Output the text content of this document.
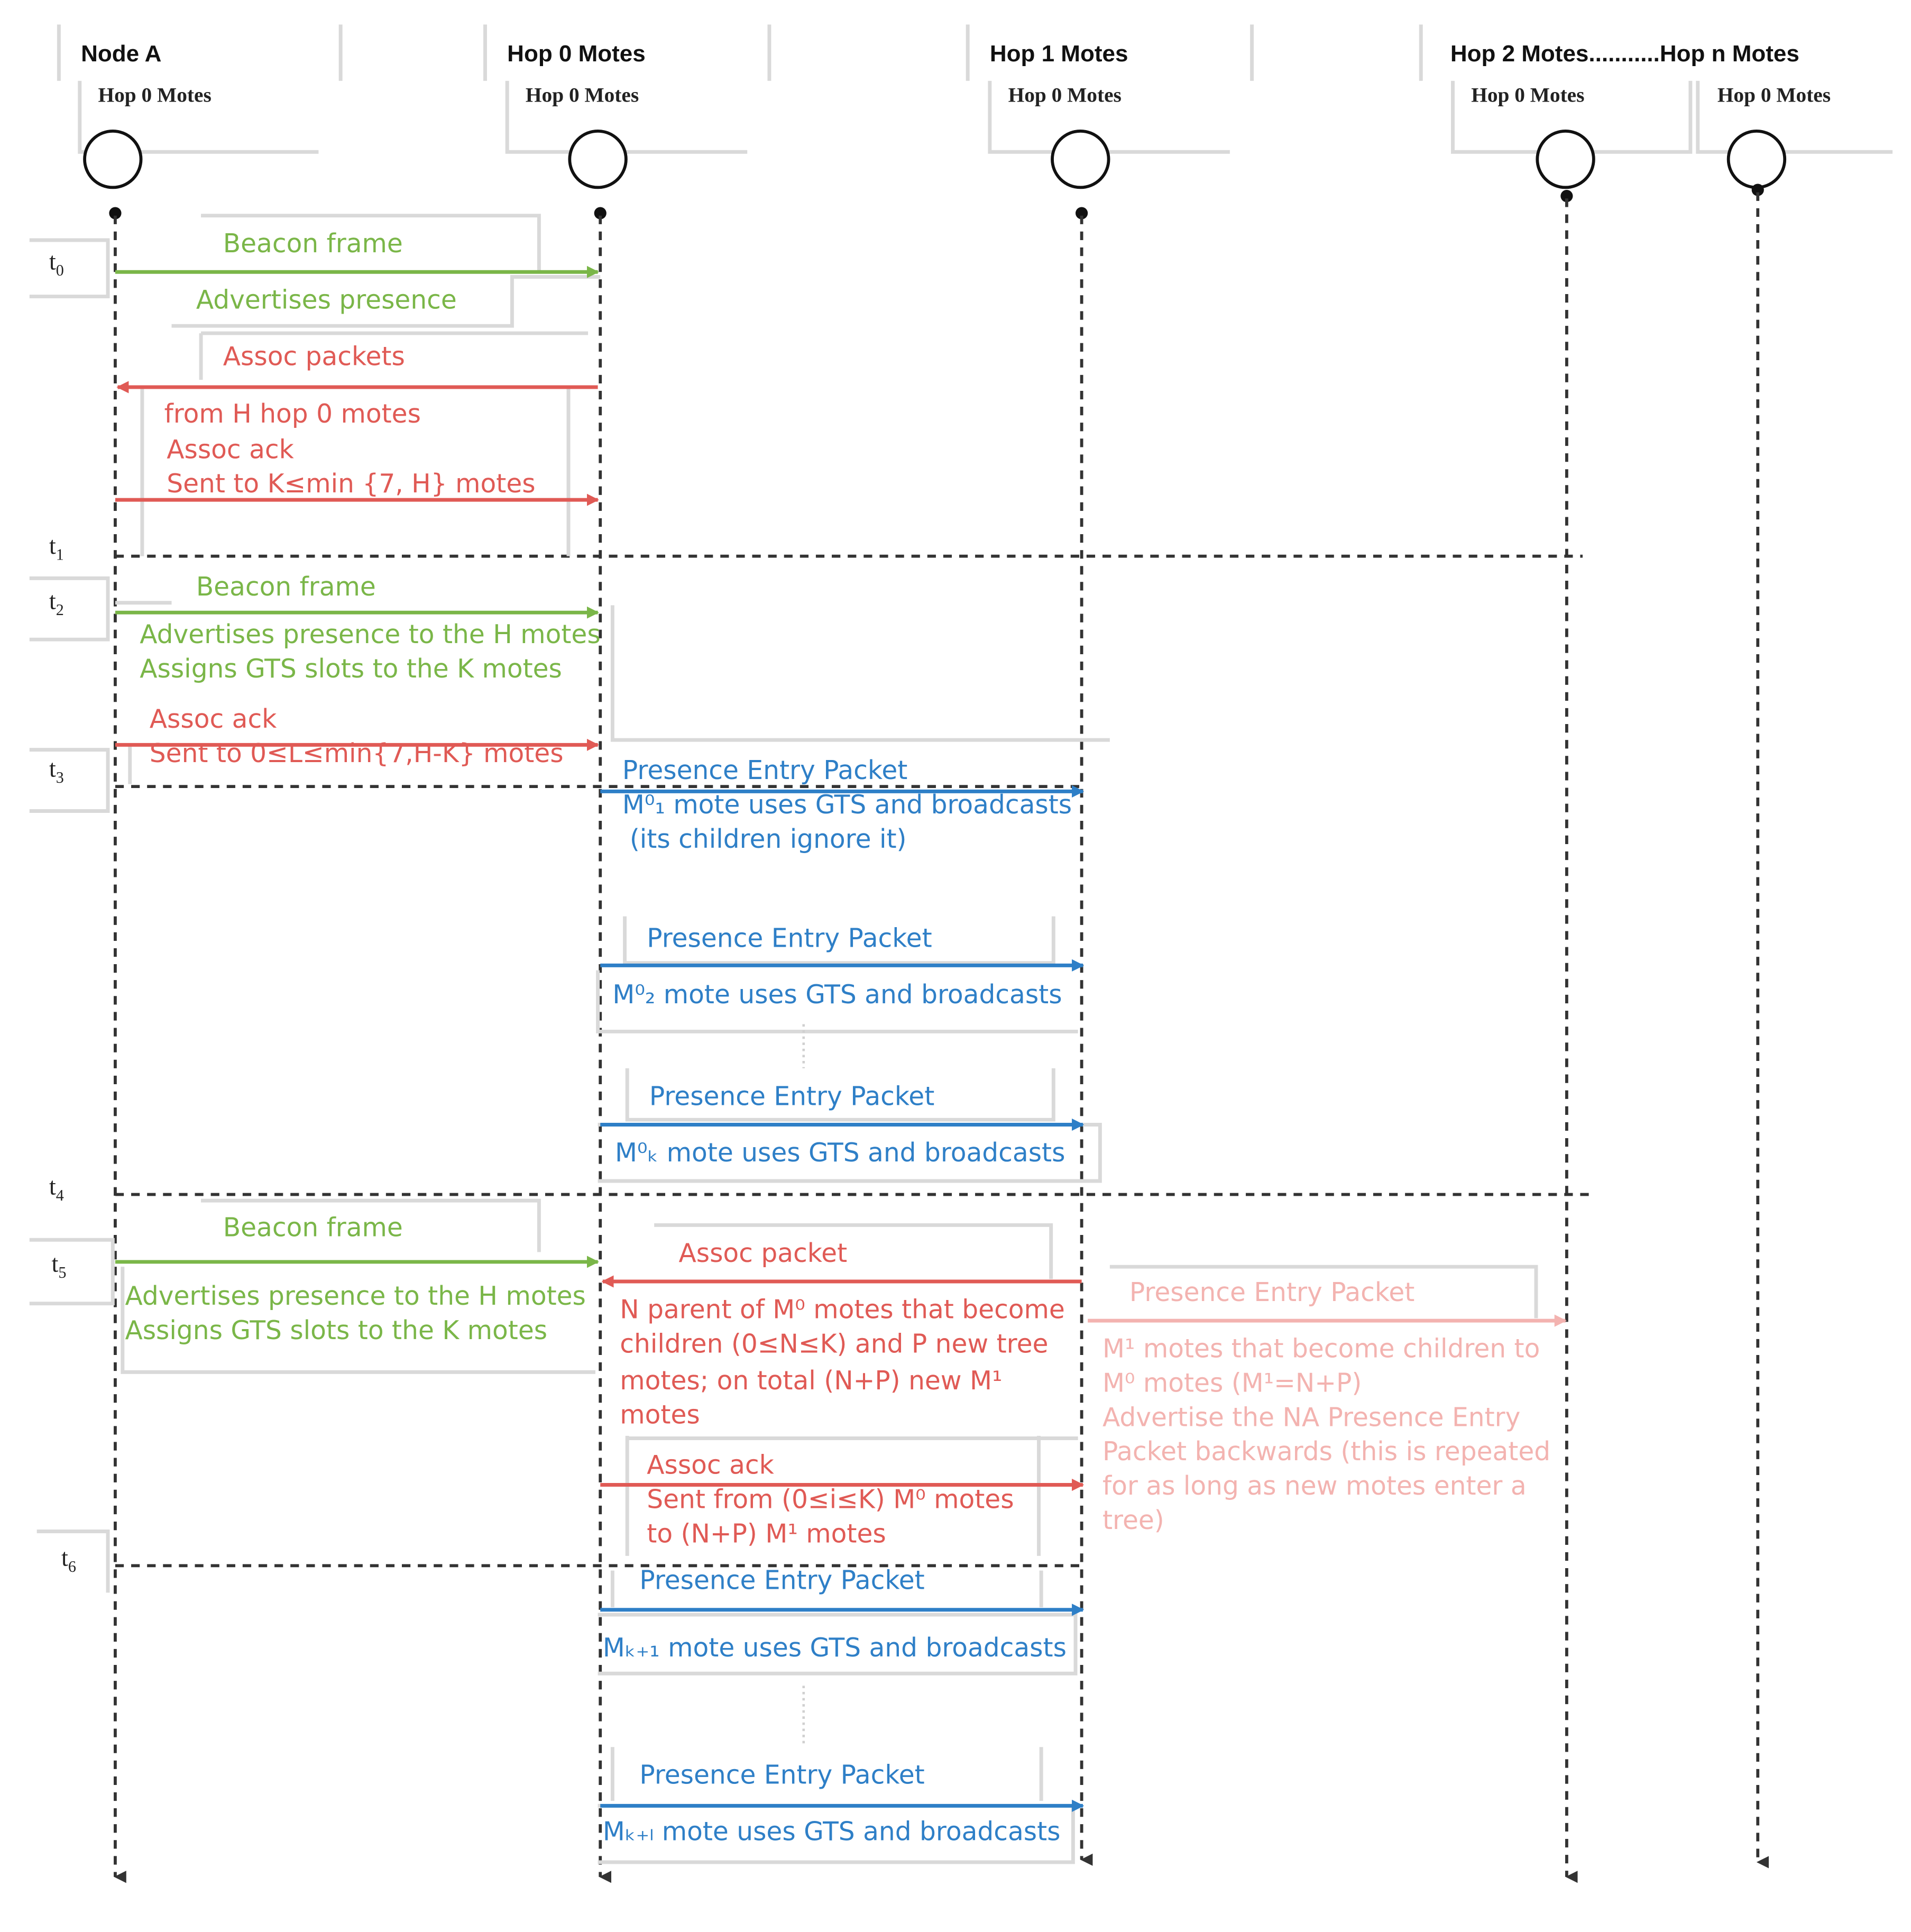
Node A	Hop 0 Motes	Hop 1 Motes	Hop 2 Motes...........Hop n Motes
Hop 0 Motes	Hop 0 Motes	Hop 0 Motes	Hop 0 Motes	Hop 0 Motes
$t_0$
$t_1$
$t_2$
$t_3$
$t_4$
$t_5$
$t_6$
Beacon frame
Advertises presence
Assoc packets
from H hop 0 motes
Assoc ack
Sent to K≤min {7, H} motes
Beacon frame
Advertises presence to the H motes
Assigns GTS slots to the K motes
Assoc ack
Sent to 0≤L≤min{7,H-K} motes
Presence Entry Packet
M⁰₁ mote uses GTS and broadcasts
(its children ignore it)
Presence Entry Packet
M⁰₂ mote uses GTS and broadcasts
Presence Entry Packet
M⁰ₖ mote uses GTS and broadcasts
Beacon frame
Advertises presence to the H motes
Assigns GTS slots to the K motes
Assoc packet
N parent of M⁰ motes that become
children (0≤N≤K) and P new tree
motes; on total (N+P) new M¹
motes
Presence Entry Packet
M¹ motes that become children to
M⁰ motes (M¹=N+P)
Advertise the NA Presence Entry
Packet backwards (this is repeated
for as long as new motes enter a
tree)
Assoc ack
Sent from (0≤i≤K) M⁰ motes
to (N+P) M¹ motes
Presence Entry Packet
Mₖ₊₁ mote uses GTS and broadcasts
Presence Entry Packet
Mₖ₊ₗ mote uses GTS and broadcasts
